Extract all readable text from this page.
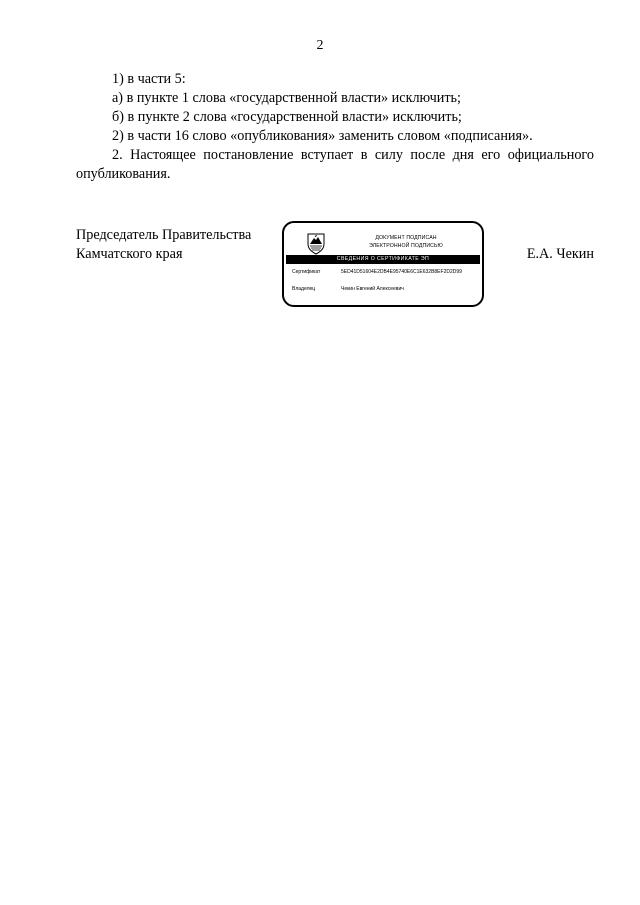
2

1) в части 5:

а) в пункте 1 слова «государственной власти» исключить;

б) в пункте 2 слова «государственной власти» исключить;

2) в части 16 слово «опубликования» заменить словом «подписания».

2. Настоящее постановление вступает в силу после дня его официального опубликования.

Председатель Правительства
Камчатского края	Е.А. Чекин
ДОКУМЕНТ ПОДПИСАН
ЭЛЕКТРОННОЙ ПОДПИСЬЮ
СВЕДЕНИЯ О СЕРТИФИКАТЕ ЭП
Сертификат	5ED41D51604E2DB4E95740E6C1E632B8EF2D2D99
Владелец	Чекин Евгений Алексеевич
